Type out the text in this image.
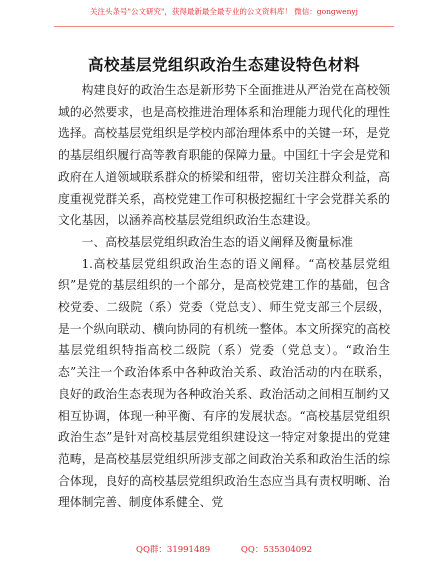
关注头条号"公文研究"，获得最新最全最专业的公文资料库！ 微信：gongwenyj
高校基层党组织政治生态建设特色材料

构建良好的政治生态是新形势下全面推进从严治党在高校领域的必然要求，也是高校推进治理体系和治理能力现代化的理性选择。高校基层党组织是学校内部治理体系中的关键一环，是党的基层组织履行高等教育职能的保障力量。中国红十字会是党和政府在人道领域联系群众的桥梁和纽带，密切关注群众利益，高度重视党群关系，高校党建工作可积极挖掘红十字会党群关系的文化基因，以涵养高校基层党组织政治生态建设。

一、高校基层党组织政治生态的语义阐释及衡量标准

1.高校基层党组织政治生态的语义阐释。“高校基层党组织”是党的基层组织的一个部分，是高校党建工作的基础，包含校党委、二级院（系）党委（党总支）、师生党支部三个层级，是一个纵向联动、横向协同的有机统一整体。本文所探究的高校基层党组织特指高校二级院（系）党委（党总支）。“政治生态”关注一个政治体系中各种政治关系、政治活动的内在联系，良好的政治生态表现为各种政治关系、政治活动之间相互制约又相互协调，体现一种平衡、有序的发展状态。“高校基层党组织政治生态”是针对高校基层党组织建设这一特定对象提出的党建范畴，是高校基层党组织所涉支部之间政治关系和政治生活的综合体现，良好的高校基层党组织政治生态应当具有责权明晰、治理体制完善、制度体系健全、党

QQ群：31991489	QQ：535304092
